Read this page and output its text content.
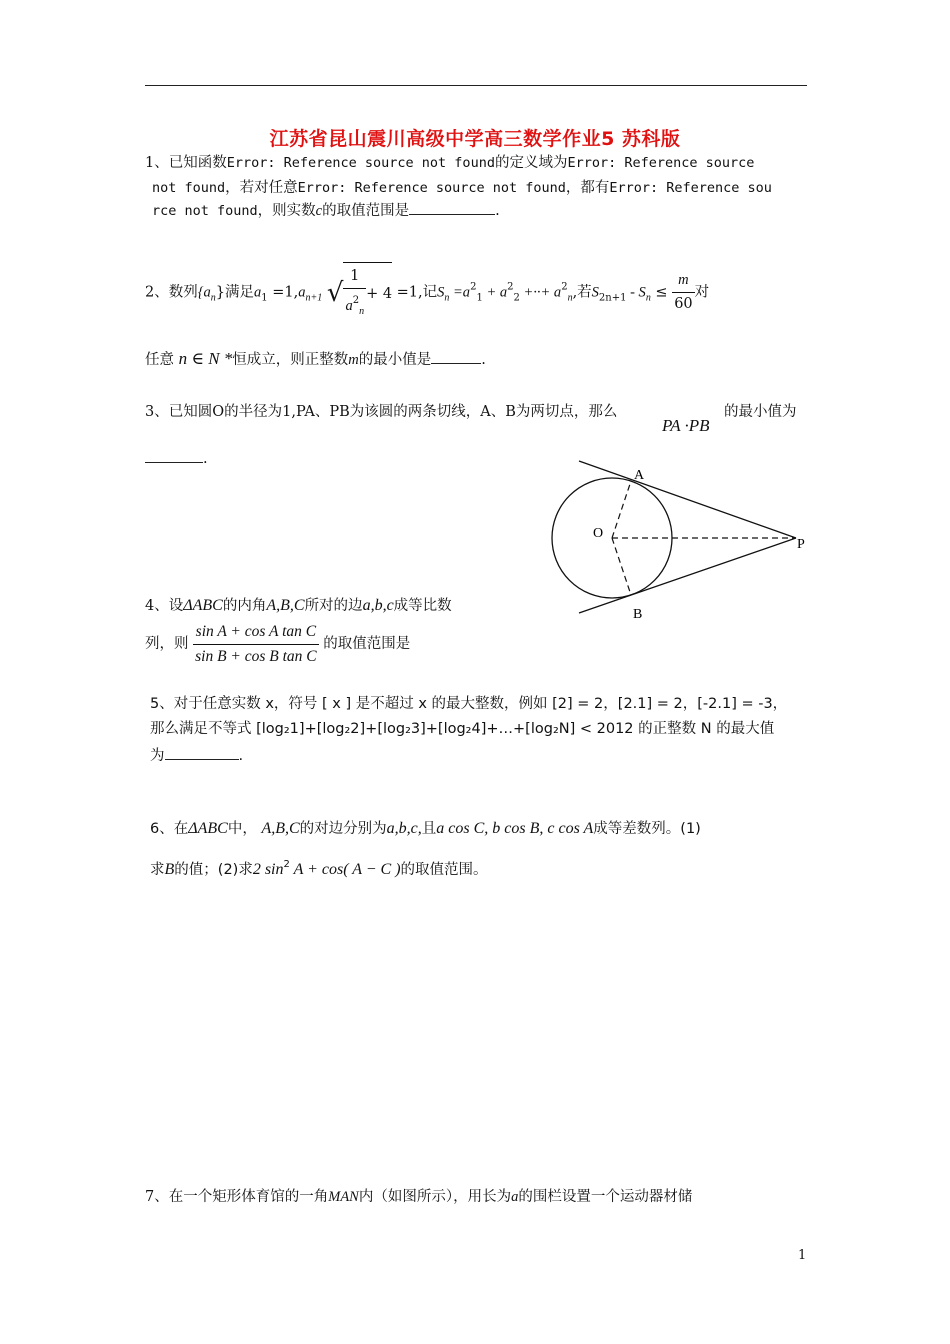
江苏省昆山震川高级中学高三数学作业5 苏科版
1、已知函数Error: Reference source not found的定义域为Error: Reference source
not found，若对任意Error: Reference source not found，都有Error: Reference sou
rce not found，则实数c的取值范围是	.
2、数列$\{a_n\}$满足$a_1 =1,a_{n+1}$ √ $\frac{1}{a^2_n} + 4 =1$,记$S_n =a^2_1 + a^2_2$ +··+ $a^2_n$,若$S_{2n+1} - S_n \le \frac{m}{60}$ 对
任意 n ∈ N *恒成立，则正整数m的最小值是	.
3、已知圆O的半径为1,PA、PB为该圆的两条切线，A、B为两切点，那么
PA ·PB
的最小值为
.
A
O
P
B
4、设ΔABC的内角A,B,C所对的边a,b,c成等比数
列，则 $\frac{\text{sin A + cos A tan C}}{\text{sin B + cos B tan C}}$ 的取值范围是
5、对于任意实数 x，符号 [ x ] 是不超过 x 的最大整数，例如 [2] = 2，[2.1] = 2，[-2.1] = -3，
那么满足不等式 [log₂1]+[log₂2]+[log₂3]+[log₂4]+…+[log₂N] < 2012 的正整数 N 的最大值
为	.
6、在ΔABC中， A,B,C的对边分别为a,b,c,且a cos C, b cos B, c cos A成等差数列。(1)
求B的值；(2)求2 $\sin^2 A + \cos$( A − C )的取值范围。
7、在一个矩形体育馆的一角MAN内（如图所示），用长为a的围栏设置一个运动器材储
1
